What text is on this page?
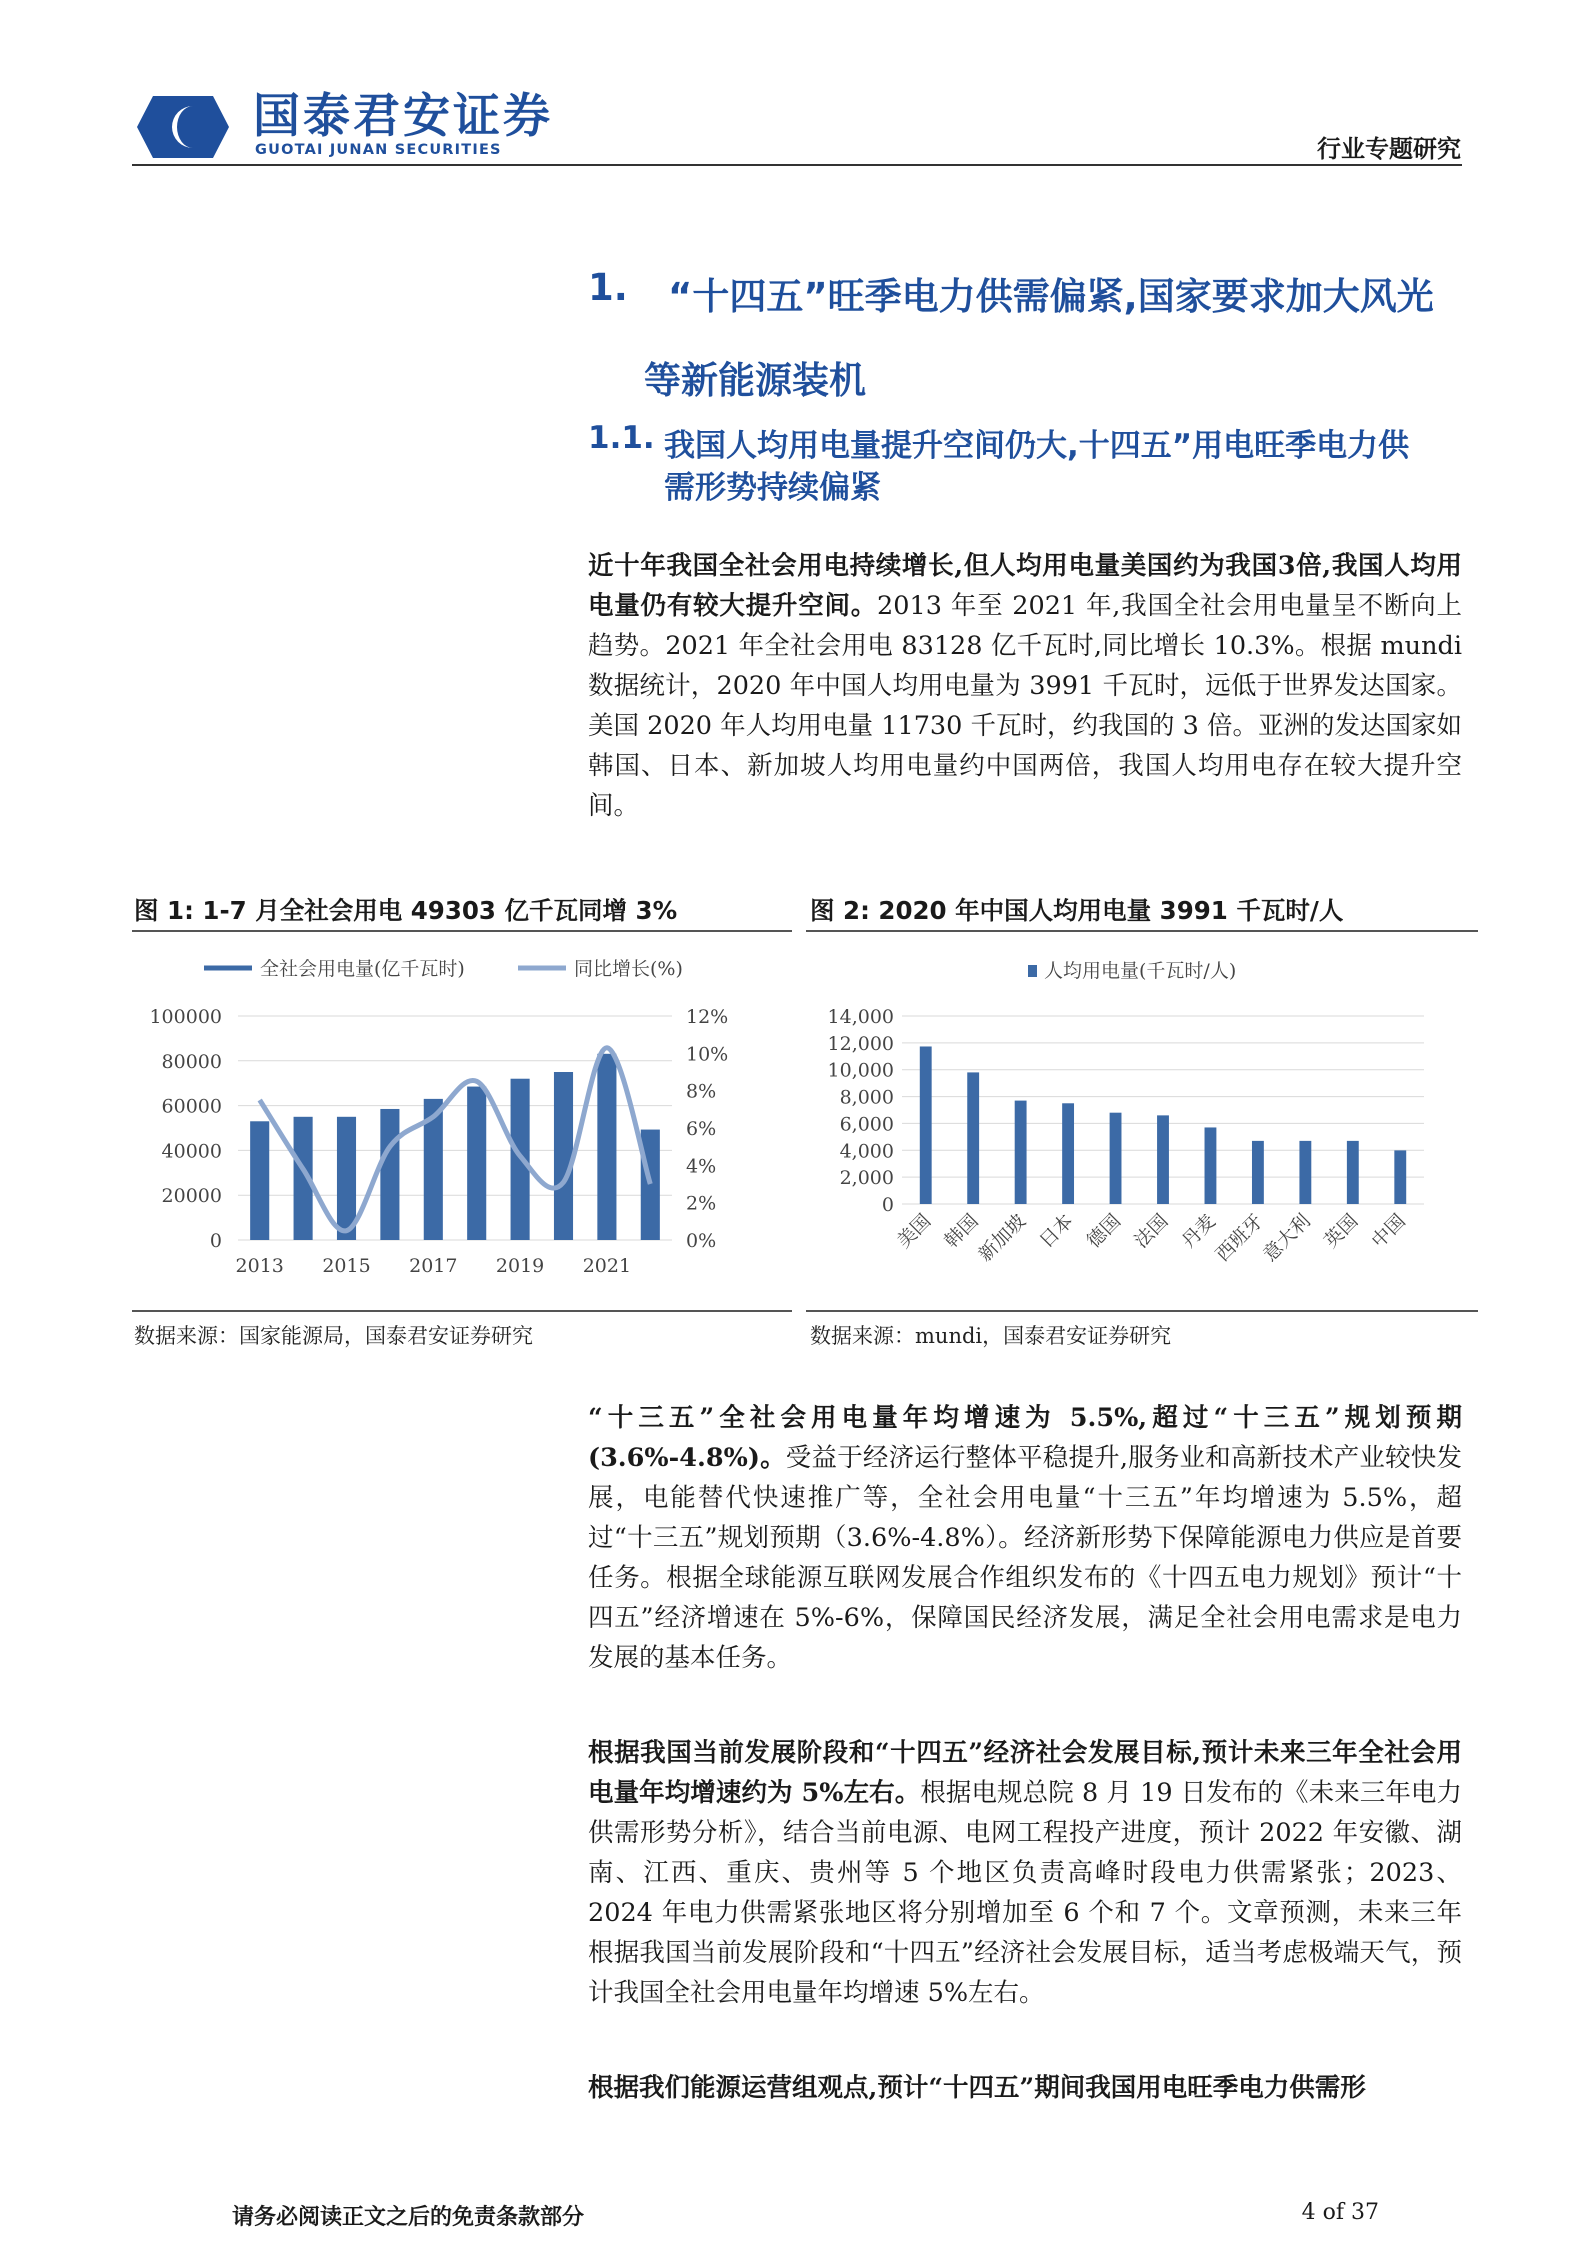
国泰君安证券
GUOTAI JUNAN SECURITIES	行业专题研究
1. “十四五”旺季电力供需偏紧,国家要求加大风光
等新能源装机
1.1. 我国人均用电量提升空间仍大,十四五”用电旺季电力供
需形势持续偏紧
近十年我国全社会用电持续增长,但人均用电量美国约为我国3倍,我国人均用电量仍有较大提升空间。2013 年至 2021 年,我国全社会用电量呈不断向上趋势。2021 年全社会用电 83128 亿千瓦时,同比增长 10.3%。根据 mundi 数据统计，2020 年中国人均用电量为 3991 千瓦时，远低于世界发达国家。美国 2020 年人均用电量 11730 千瓦时，约我国的 3 倍。亚洲的发达国家如韩国、日本、新加坡人均用电量约中国两倍，我国人均用电存在较大提升空间。
图 1: 1-7 月全社会用电 49303 亿千瓦同增 3%
0
20000
40000
60000
80000
100000
0%
2%
4%
6%
8%
10%
12%
2013 2015 2017 2019 2021
全社会用电量(亿千瓦时)	同比增长(%)
数据来源：国家能源局，国泰君安证券研究
图 2: 2020 年中国人均用电量 3991 千瓦时/人
0
2,000
4,000
6,000
8,000
10,000
12,000
14,000
美国 韩国
新加坡 日本 德国 法国 丹麦
西班牙
意大利 英国 中国
人均用电量(千瓦时/人)
数据来源：mundi，国泰君安证券研究
“十三五”全社会用电量年均增速为 5.5%,超过“十三五”规划预期(3.6%-4.8%)。受益于经济运行整体平稳提升,服务业和高新技术产业较快发展，电能替代快速推广等，全社会用电量“十三五”年均增速为 5.5%，超过“十三五”规划预期（3.6%-4.8%）。经济新形势下保障能源电力供应是首要任务。根据全球能源互联网发展合作组织发布的《十四五电力规划》预计“十四五”经济增速在 5%-6%，保障国民经济发展，满足全社会用电需求是电力发展的基本任务。
根据我国当前发展阶段和“十四五”经济社会发展目标,预计未来三年全社会用电量年均增速约为 5%左右。根据电规总院 8 月 19 日发布的《未来三年电力供需形势分析》，结合当前电源、电网工程投产进度，预计 2022 年安徽、湖南、江西、重庆、贵州等 5 个地区负责高峰时段电力供需紧张；2023、2024 年电力供需紧张地区将分别增加至 6 个和 7 个。文章预测，未来三年根据我国当前发展阶段和“十四五”经济社会发展目标，适当考虑极端天气，预计我国全社会用电量年均增速 5%左右。
根据我们能源运营组观点,预计“十四五”期间我国用电旺季电力供需形
请务必阅读正文之后的免责条款部分	4 of 37
